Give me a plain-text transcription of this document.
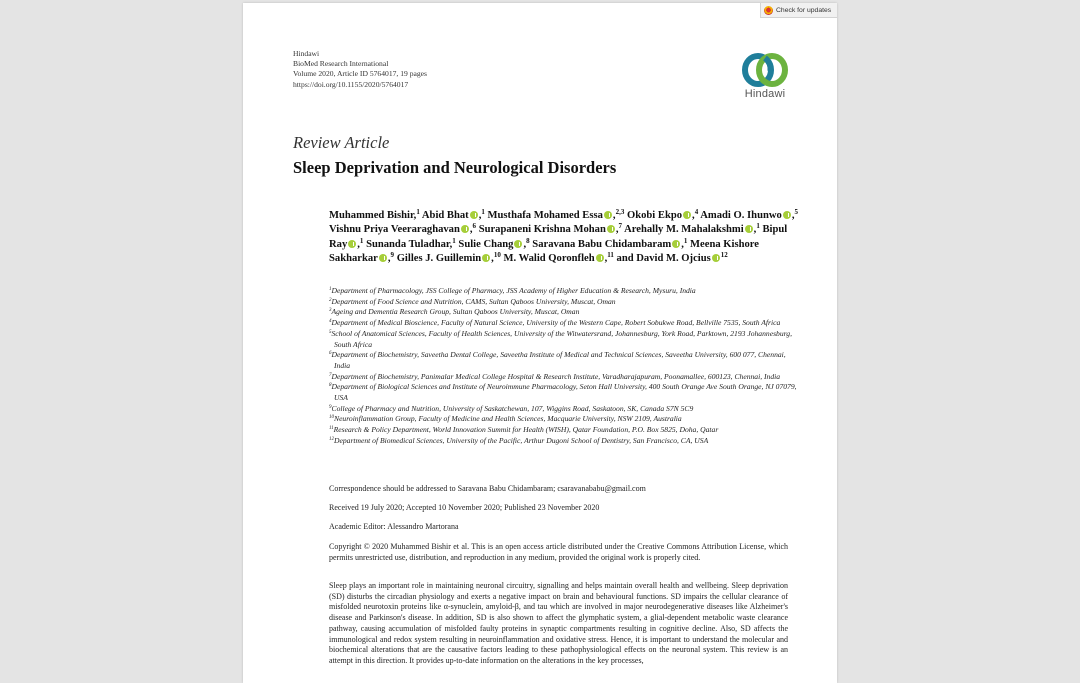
Check for updates
Hindawi
BioMed Research International
Volume 2020, Article ID 5764017, 19 pages
https://doi.org/10.1155/2020/5764017
Hindawi
Review Article
Sleep Deprivation and Neurological Disorders
Muhammed Bishir,$^1$ Abid Bhat ,$^1$ Musthafa Mohamed Essa ,$^{2,3}$ Okobi Ekpo ,$^4$ Amadi O. Ihunwo ,$^5$ Vishnu Priya Veeraraghavan ,$^6$ Surapaneni Krishna Mohan ,$^7$ Arehally M. Mahalakshmi ,$^1$ Bipul Ray ,$^1$ Sunanda Tuladhar,$^1$ Sulie Chang ,$^8$ Saravana Babu Chidambaram ,$^1$ Meena Kishore Sakharkar ,$^9$ Gilles J. Guillemin ,$^{10}$ M. Walid Qoronfleh ,$^{11}$ and David M. Ojcius $^{12}$
$^1$Department of Pharmacology, JSS College of Pharmacy, JSS Academy of Higher Education & Research, Mysuru, India
$^2$Department of Food Science and Nutrition, CAMS, Sultan Qaboos University, Muscat, Oman
$^3$Ageing and Dementia Research Group, Sultan Qaboos University, Muscat, Oman
$^4$Department of Medical Bioscience, Faculty of Natural Science, University of the Western Cape, Robert Sobukwe Road, Bellville 7535, South Africa
$^5$School of Anatomical Sciences, Faculty of Health Sciences, University of the Witwatersrand, Johannesburg, York Road, Parktown, 2193 Johannesburg, South Africa
$^6$Department of Biochemistry, Saveetha Dental College, Saveetha Institute of Medical and Technical Sciences, Saveetha University, 600 077, Chennai, India
$^7$Department of Biochemistry, Panimalar Medical College Hospital & Research Institute, Varadharajapuram, Poonamallee, 600123, Chennai, India
$^8$Department of Biological Sciences and Institute of Neuroimmune Pharmacology, Seton Hall University, 400 South Orange Ave South Orange, NJ 07079, USA
$^9$College of Pharmacy and Nutrition, University of Saskatchewan, 107, Wiggins Road, Saskatoon, SK, Canada S7N 5C9
$^{10}$Neuroinflammation Group, Faculty of Medicine and Health Sciences, Macquarie University, NSW 2109, Australia
$^{11}$Research & Policy Department, World Innovation Summit for Health (WISH), Qatar Foundation, P.O. Box 5825, Doha, Qatar
$^{12}$Department of Biomedical Sciences, University of the Pacific, Arthur Dugoni School of Dentistry, San Francisco, CA, USA
Correspondence should be addressed to Saravana Babu Chidambaram; csaravanababu@gmail.com
Received 19 July 2020; Accepted 10 November 2020; Published 23 November 2020
Academic Editor: Alessandro Martorana
Copyright © 2020 Muhammed Bishir et al. This is an open access article distributed under the Creative Commons Attribution License, which permits unrestricted use, distribution, and reproduction in any medium, provided the original work is properly cited.
Sleep plays an important role in maintaining neuronal circuitry, signalling and helps maintain overall health and wellbeing. Sleep deprivation (SD) disturbs the circadian physiology and exerts a negative impact on brain and behavioural functions. SD impairs the cellular clearance of misfolded neurotoxin proteins like α-synuclein, amyloid-β, and tau which are involved in major neurodegenerative diseases like Alzheimer's disease and Parkinson's disease. In addition, SD is also shown to affect the glymphatic system, a glial-dependent metabolic waste clearance pathway, causing accumulation of misfolded faulty proteins in synaptic compartments resulting in cognitive decline. Also, SD affects the immunological and redox system resulting in neuroinflammation and oxidative stress. Hence, it is important to understand the molecular and biochemical alterations that are the causative factors leading to these pathophysiological effects on the neuronal system. This review is an attempt in this direction. It provides up-to-date information on the alterations in the key processes,
